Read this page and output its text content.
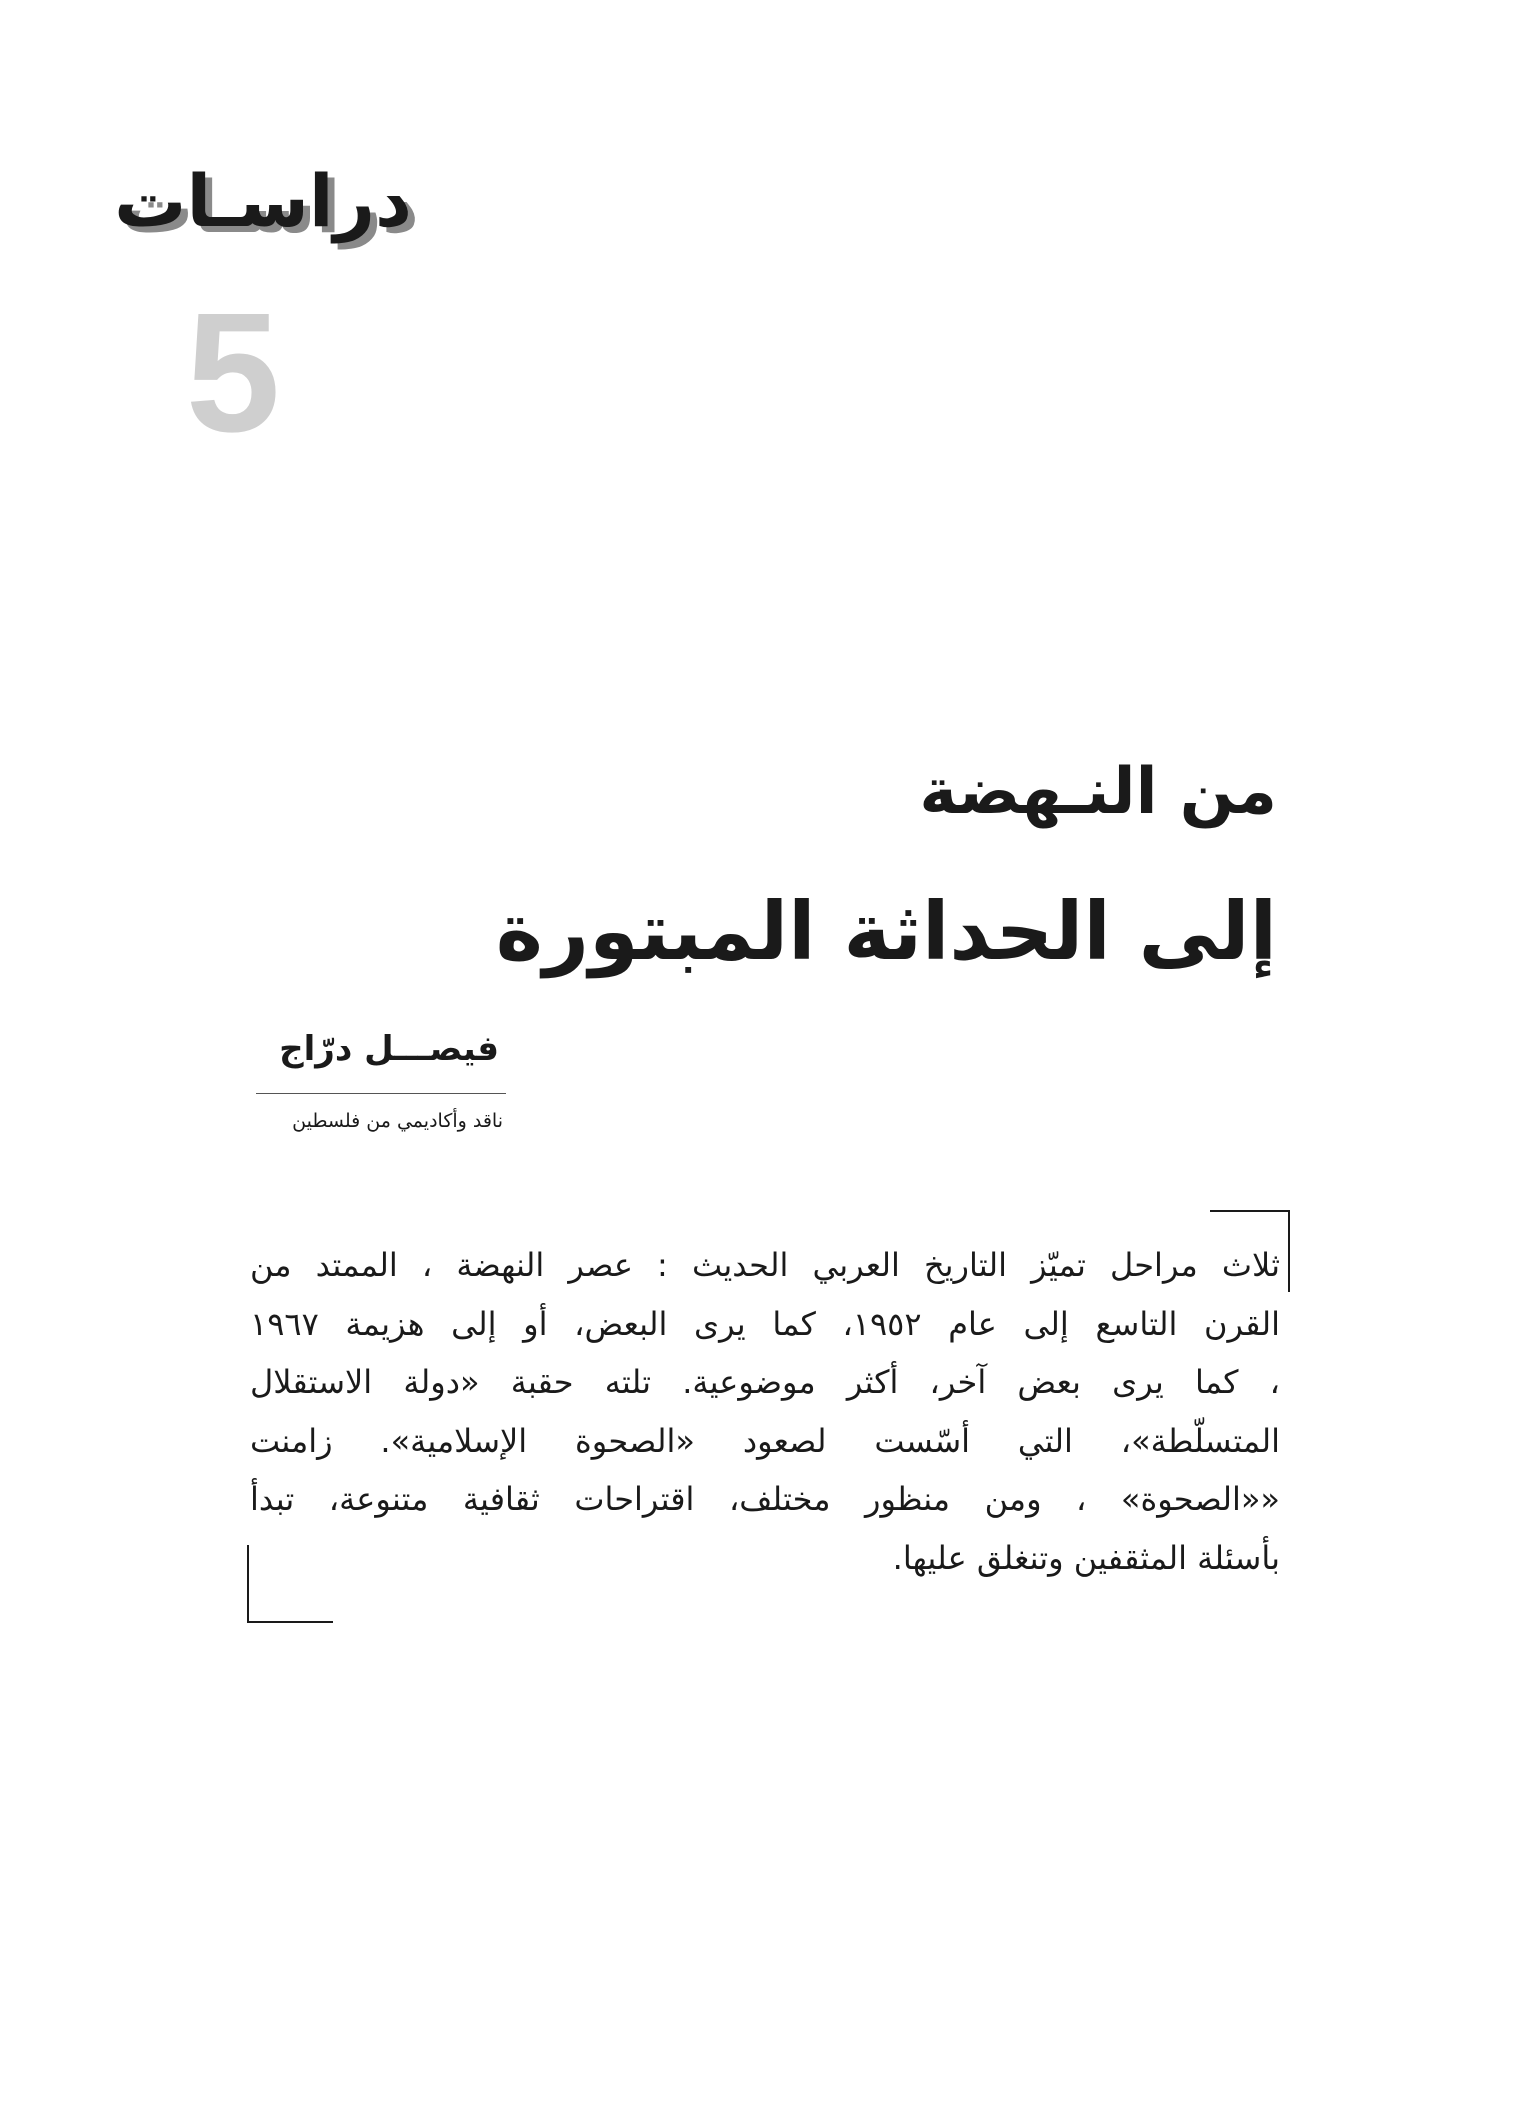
دراسـات
5
من النـهضة
إلى الحداثة المبتورة
فيصـــل درّاج
ناقد وأكاديمي من فلسطين
ثلاث مراحل تميّز التاريخ العربي الحديث : عصر النهضة ، الممتد من
القرن التاسع إلى عام ١٩٥٢، كما يرى البعض، أو إلى هزيمة ١٩٦٧
، كما يرى بعض آخر، أكثر موضوعية. تلته حقبة «دولة الاستقلال
المتسلّطة»، التي أسّست لصعود «الصحوة الإسلامية». زامنت
««الصحوة» ، ومن منظور مختلف، اقتراحات ثقافية متنوعة، تبدأ
بأسئلة المثقفين وتنغلق عليها.
